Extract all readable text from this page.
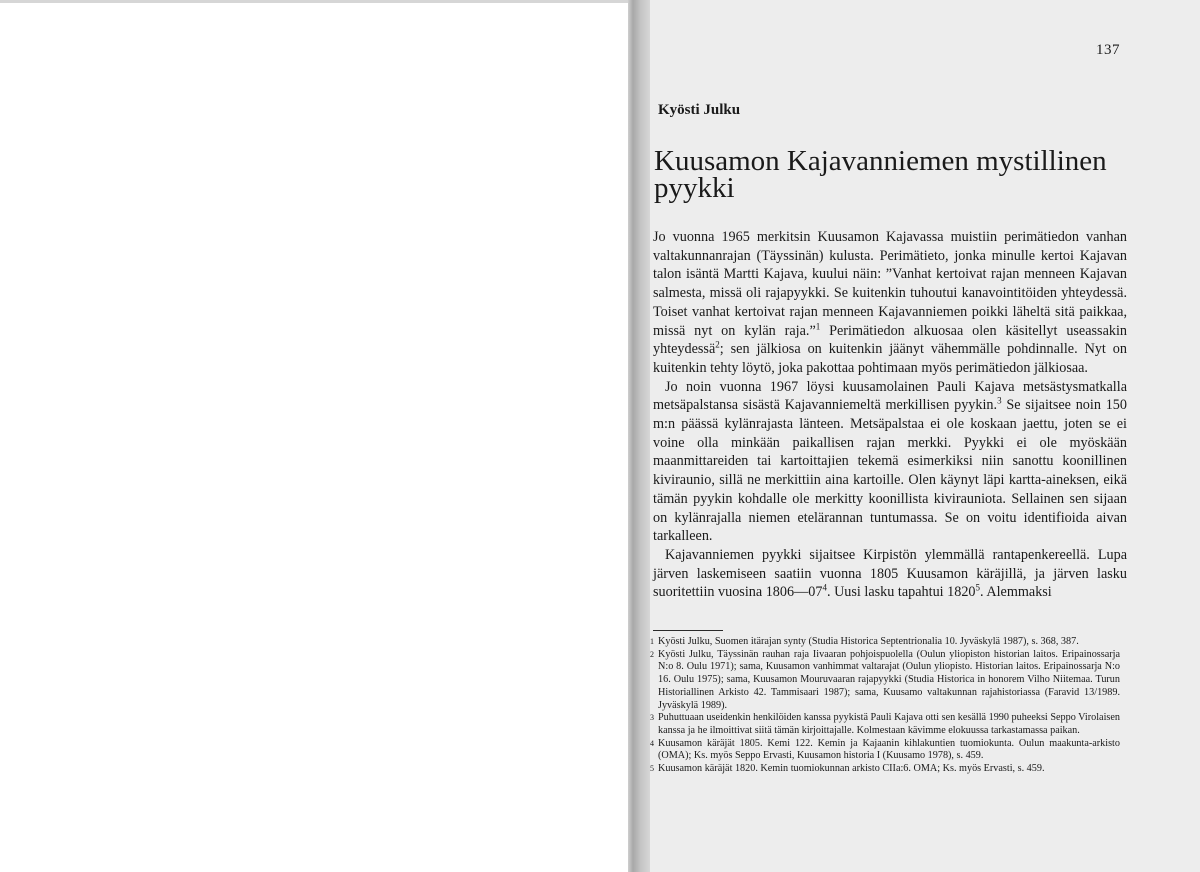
137
Kyösti Julku
Kuusamon Kajavanniemen mystillinen pyykki

Jo vuonna 1965 merkitsin Kuusamon Kajavassa muistiin perimätiedon vanhan valtakunnanrajan (Täyssinän) kulusta. Perimätieto, jonka minulle kertoi Kajavan talon isäntä Martti Kajava, kuului näin: ”Vanhat kertoivat rajan menneen Kajavan salmesta, missä oli rajapyykki. Se kuitenkin tuhoutui kanavointitöiden yhteydessä. Toiset vanhat kertoivat rajan menneen Kajavanniemen poikki läheltä sitä paikkaa, missä nyt on kylän raja.”$^1$ Perimätiedon alkuosaa olen käsitellyt useassakin yhteydessä$^2$; sen jälkiosa on kuitenkin jäänyt vähemmälle pohdinnalle. Nyt on kuitenkin tehty löytö, joka pakottaa pohtimaan myös perimätiedon jälkiosaa.

Jo noin vuonna 1967 löysi kuusamolainen Pauli Kajava metsästysmatkalla metsäpalstansa sisästä Kajavanniemeltä merkillisen pyykin.$^3$ Se sijaitsee noin 150 m:n päässä kylänrajasta länteen. Metsäpalstaa ei ole koskaan jaettu, joten se ei voine olla minkään paikallisen rajan merkki. Pyykki ei ole myöskään maanmittareiden tai kartoittajien tekemä esimerkiksi niin sanottu koonillinen kiviraunio, sillä ne merkittiin aina kartoille. Olen käynyt läpi kartta-aineksen, eikä tämän pyykin kohdalle ole merkitty koonillista kivirauniota. Sellainen sen sijaan on kylänrajalla niemen etelärannan tuntumassa. Se on voitu identifioida aivan tarkalleen.

Kajavanniemen pyykki sijaitsee Kirpistön ylemmällä rantapenkereellä. Lupa järven laskemiseen saatiin vuonna 1805 Kuusamon käräjillä, ja järven lasku suoritettiin vuosina $1806—07^4$. Uusi lasku tapahtui 1820$^5$. Alemmaksi

1 Kyösti Julku, Suomen itärajan synty (Studia Historica Septentrionalia 10. Jyväskylä 1987), s. 368, 387.
2 Kyösti Julku, Täyssinän rauhan raja Iivaaran pohjoispuolella (Oulun yliopiston historian laitos. Eripainossarja N:o 8. Oulu 1971); sama, Kuusamon vanhimmat valtarajat (Oulun yliopisto. Historian laitos. Eripainossarja N:o 16. Oulu 1975); sama, Kuusamon Mouruvaaran rajapyykki (Studia Historica in honorem Vilho Niitemaa. Turun Historiallinen Arkisto 42. Tammisaari 1987); sama, Kuusamo valtakunnan rajahistoriassa (Faravid 13/1989. Jyväskylä 1989).
3 Puhuttuaan useidenkin henkilöiden kanssa pyykistä Pauli Kajava otti sen kesällä 1990 puheeksi Seppo Virolaisen kanssa ja he ilmoittivat siitä tämän kirjoittajalle. Kolmestaan kävimme elokuussa tarkastamassa paikan.
4 Kuusamon käräjät 1805. Kemi 122. Kemin ja Kajaanin kihlakuntien tuomiokunta. Oulun maakunta-arkisto (OMA); Ks. myös Seppo Ervasti, Kuusamon historia I (Kuusamo 1978), s. 459.
5 Kuusamon käräjät 1820. Kemin tuomiokunnan arkisto CIIa:6. OMA; Ks. myös Ervasti, s. 459.
